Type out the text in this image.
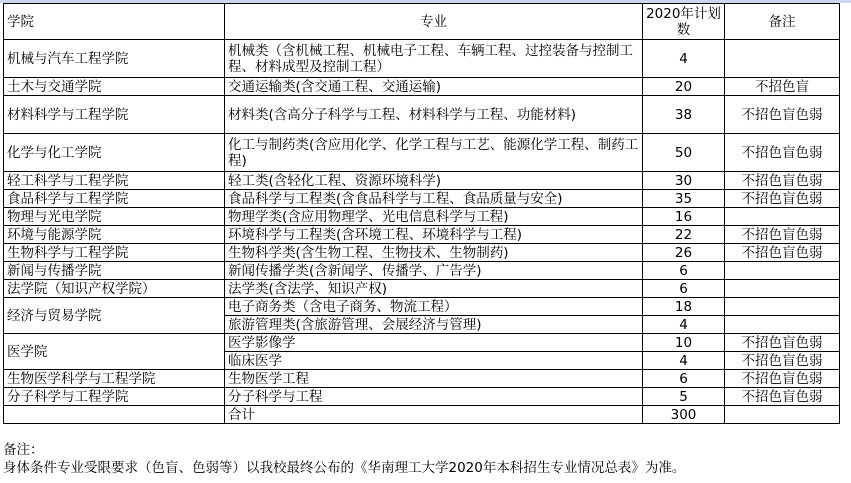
学院	专业	2020年计划数	备注
机械与汽车工程学院	机械类（含机械工程、机械电子工程、车辆工程、过控装备与控制工程、材料成型及控制工程）	4	
土木与交通学院	交通运输类(含交通工程、交通运输)	20	不招色盲
材料科学与工程学院	材料类(含高分子科学与工程、材料科学与工程、功能材料)	38	不招色盲色弱
化学与化工学院	化工与制药类(含应用化学、化学工程与工艺、能源化学工程、制药工程)	50	不招色盲色弱
轻工科学与工程学院	轻工类(含轻化工程、资源环境科学)	30	不招色盲色弱
食品科学与工程学院	食品科学与工程类(含食品科学与工程、食品质量与安全)	35	不招色盲色弱
物理与光电学院	物理学类(含应用物理学、光电信息科学与工程)	16	
环境与能源学院	环境科学与工程类(含环境工程、环境科学与工程)	22	不招色盲色弱
生物科学与工程学院	生物科学类(含生物工程、生物技术、生物制药)	26	不招色盲色弱
新闻与传播学院	新闻传播学类(含新闻学、传播学、广告学)	6	
法学院（知识产权学院）	法学类(含法学、知识产权)	6	
经济与贸易学院	电子商务类（含电子商务、物流工程）	18	
	旅游管理类(含旅游管理、会展经济与管理)	4	
医学院	医学影像学	10	不招色盲色弱
	临床医学	4	不招色盲色弱
生物医学科学与工程学院	生物医学工程	6	不招色盲色弱
分子科学与工程学院	分子科学与工程	5	不招色盲色弱
	合计	300	
备注：
身体条件专业受限要求（色盲、色弱等）以我校最终公布的《华南理工大学2020年本科招生专业情况总表》为准。
